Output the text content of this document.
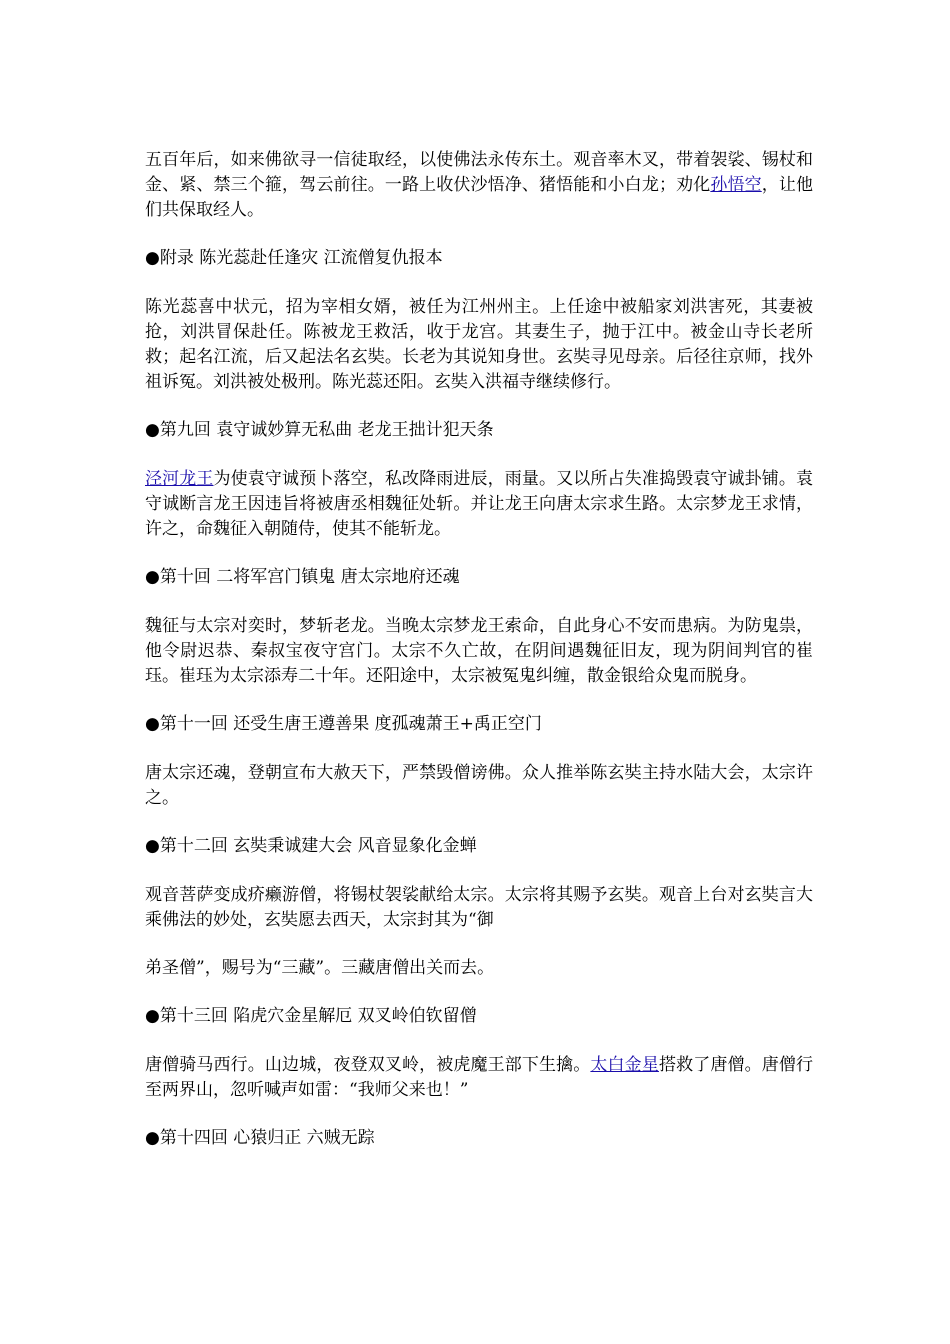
五百年后，如来佛欲寻一信徒取经，以使佛法永传东土。观音率木叉，带着袈裟、锡杖和金、紧、禁三个箍，驾云前往。一路上收伏沙悟净、猪悟能和小白龙；劝化孙悟空，让他们共保取经人。

●附录 陈光蕊赴任逢灾 江流僧复仇报本

陈光蕊喜中状元，招为宰相女婿，被任为江州州主。上任途中被船家刘洪害死，其妻被抢，刘洪冒保赴任。陈被龙王救活，收于龙宫。其妻生子，抛于江中。被金山寺长老所救；起名江流，后又起法名玄奘。长老为其说知身世。玄奘寻见母亲。后径往京师，找外祖诉冤。刘洪被处极刑。陈光蕊还阳。玄奘入洪福寺继续修行。

●第九回 袁守诚妙算无私曲 老龙王拙计犯天条

泾河龙王为使袁守诚预卜落空，私改降雨进辰，雨量。又以所占失准捣毁袁守诚卦铺。袁守诚断言龙王因违旨将被唐丞相魏征处斩。并让龙王向唐太宗求生路。太宗梦龙王求情，许之，命魏征入朝随侍，使其不能斩龙。

●第十回 二将军宫门镇鬼 唐太宗地府还魂

魏征与太宗对奕时，梦斩老龙。当晚太宗梦龙王索命，自此身心不安而患病。为防鬼祟，他令尉迟恭、秦叔宝夜守宫门。太宗不久亡故，在阴间遇魏征旧友，现为阴间判官的崔珏。崔珏为太宗添寿二十年。还阳途中，太宗被冤鬼纠缠，散金银给众鬼而脱身。

●第十一回 还受生唐王遵善果 度孤魂萧王+禹正空门

唐太宗还魂，登朝宣布大赦天下，严禁毁僧谤佛。众人推举陈玄奘主持水陆大会，太宗许之。

●第十二回 玄奘秉诚建大会 风音显象化金蝉

观音菩萨变成疥癞游僧，将锡杖袈裟献给太宗。太宗将其赐予玄奘。观音上台对玄奘言大乘佛法的妙处，玄奘愿去西天，太宗封其为“御

弟圣僧”，赐号为“三藏”。三藏唐僧出关而去。

●第十三回 陷虎穴金星解厄 双叉岭伯钦留僧

唐僧骑马西行。山边城，夜登双叉岭，被虎魔王部下生擒。太白金星搭救了唐僧。唐僧行至两界山，忽听喊声如雷：“我师父来也！”

●第十四回 心猿归正 六贼无踪
